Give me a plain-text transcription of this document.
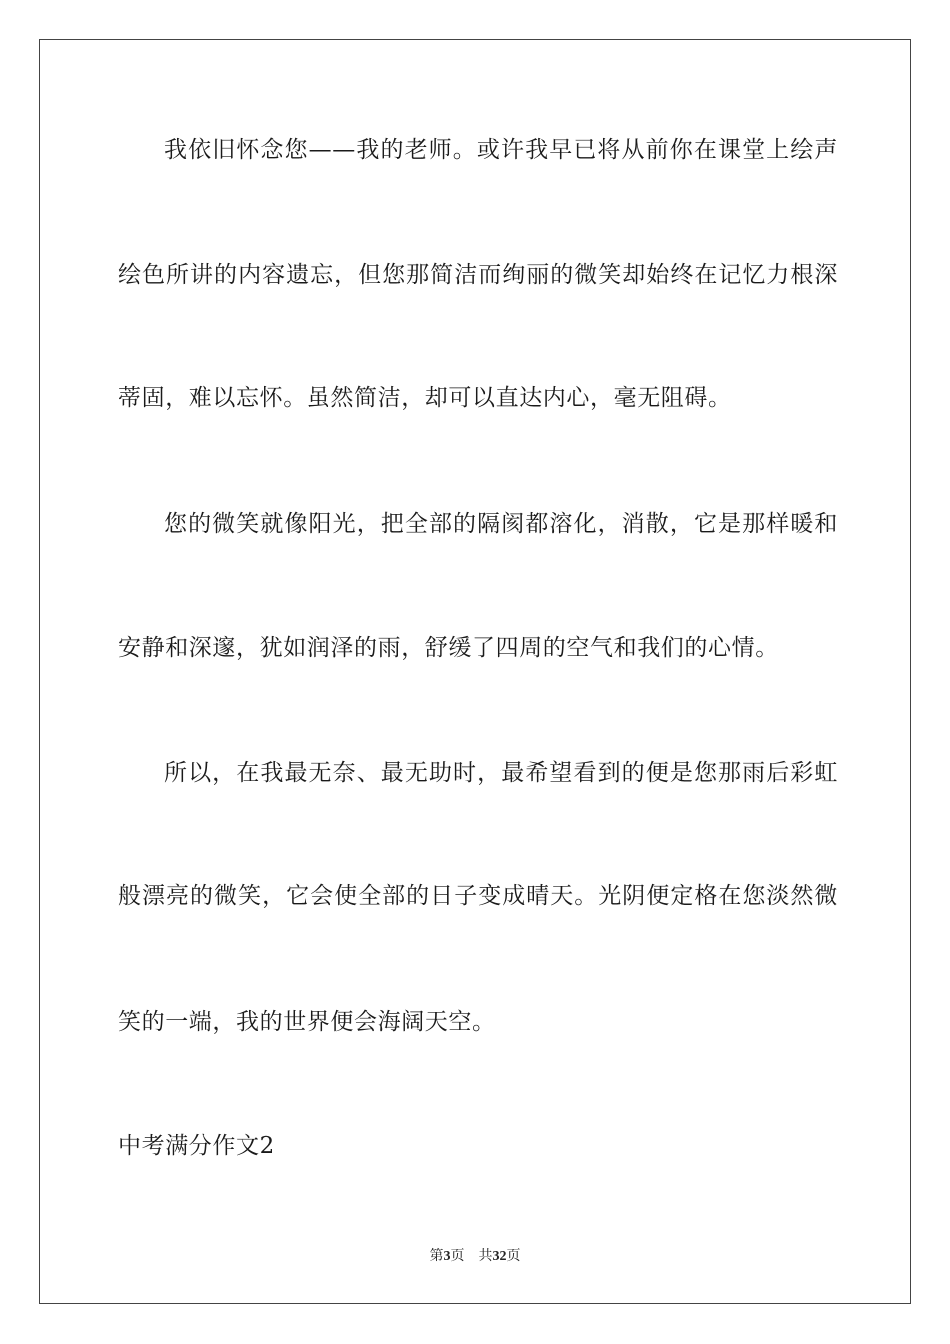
我依旧怀念您——我的老师。或许我早已将从前你在课堂上绘声
绘色所讲的内容遗忘，但您那简洁而绚丽的微笑却始终在记忆力根深
蒂固，难以忘怀。虽然简洁，却可以直达内心，毫无阻碍。
您的微笑就像阳光，把全部的隔阂都溶化，消散，它是那样暖和
安静和深邃，犹如润泽的雨，舒缓了四周的空气和我们的心情。
所以，在我最无奈、最无助时，最希望看到的便是您那雨后彩虹
般漂亮的微笑，它会使全部的日子变成晴天。光阴便定格在您淡然微
笑的一端，我的世界便会海阔天空。
中考满分作文2
第3页 共32页
